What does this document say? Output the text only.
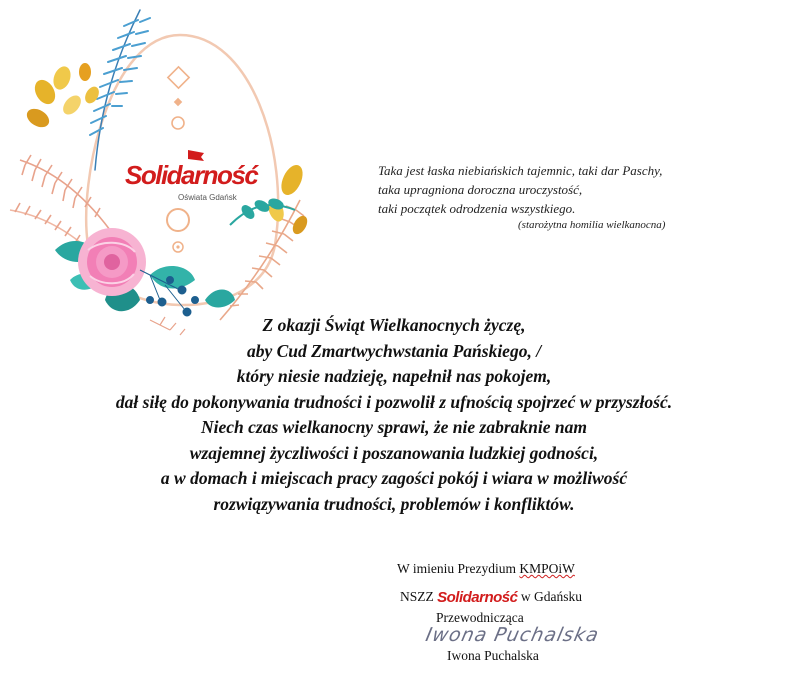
Solidarność
Oświata Gdańsk
Taka jest łaska niebiańskich tajemnic, taki dar Paschy,
taka upragniona doroczna uroczystość,
taki początek odrodzenia wszystkiego.
(starożytna homilia wielkanocna)
Z okazji Świąt Wielkanocnych życzę,
aby Cud Zmartwychwstania Pańskiego, /
który niesie nadzieję, napełnił nas pokojem,
dał siłę do pokonywania trudności i pozwolił z ufnością spojrzeć w przyszłość.
Niech czas wielkanocny sprawi, że nie zabraknie nam
wzajemnej życzliwości i poszanowania ludzkiej godności,
a w domach i miejscach pracy zagości pokój i wiara w możliwość
rozwiązywania trudności, problemów i konfliktów.
W imieniu Prezydium KMPOiW
NSZZ Solidarność w Gdańsku
Przewodnicząca
Iwona Puchalska
Iwona Puchalska
